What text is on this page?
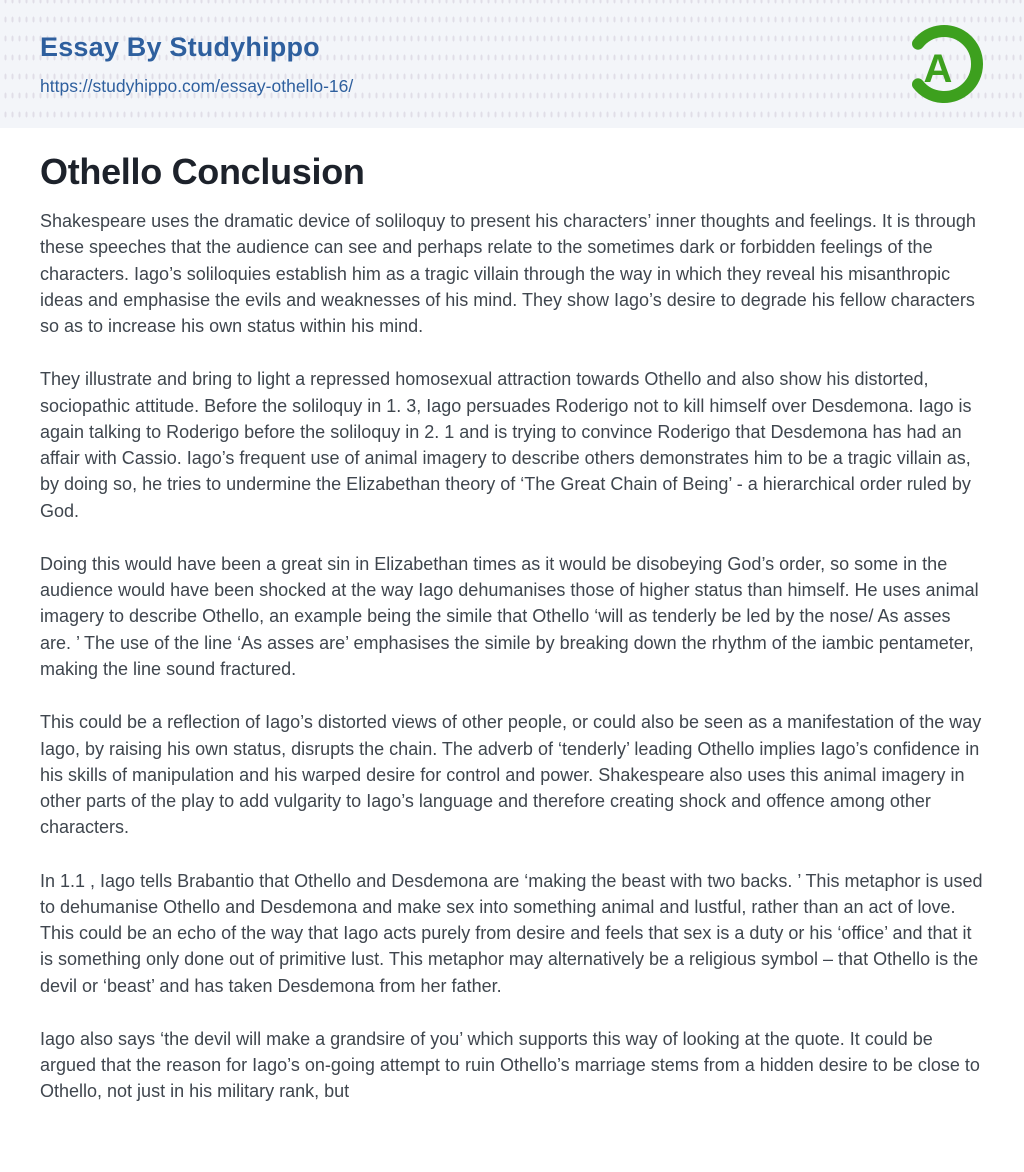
Essay By Studyhippo
https://studyhippo.com/essay-othello-16/	A
Othello Conclusion

Shakespeare uses the dramatic device of soliloquy to present his characters’ inner thoughts and feelings. It is through these speeches that the audience can see and perhaps relate to the sometimes dark or forbidden feelings of the characters. Iago’s soliloquies establish him as a tragic villain through the way in which they reveal his misanthropic ideas and emphasise the evils and weaknesses of his mind. They show Iago’s desire to degrade his fellow characters so as to increase his own status within his mind.

They illustrate and bring to light a repressed homosexual attraction towards Othello and also show his distorted, sociopathic attitude. Before the soliloquy in 1. 3, Iago persuades Roderigo not to kill himself over Desdemona. Iago is again talking to Roderigo before the soliloquy in 2. 1 and is trying to convince Roderigo that Desdemona has had an affair with Cassio. Iago’s frequent use of animal imagery to describe others demonstrates him to be a tragic villain as, by doing so, he tries to undermine the Elizabethan theory of ‘The Great Chain of Being’ - a hierarchical order ruled by God.

Doing this would have been a great sin in Elizabethan times as it would be disobeying God’s order, so some in the audience would have been shocked at the way Iago dehumanises those of higher status than himself. He uses animal imagery to describe Othello, an example being the simile that Othello ‘will as tenderly be led by the nose/ As asses are. ’ The use of the line ‘As asses are’ emphasises the simile by breaking down the rhythm of the iambic pentameter, making the line sound fractured.

This could be a reflection of Iago’s distorted views of other people, or could also be seen as a manifestation of the way Iago, by raising his own status, disrupts the chain. The adverb of ‘tenderly’ leading Othello implies Iago’s confidence in his skills of manipulation and his warped desire for control and power. Shakespeare also uses this animal imagery in other parts of the play to add vulgarity to Iago’s language and therefore creating shock and offence among other characters.

In 1.1 , Iago tells Brabantio that Othello and Desdemona are ‘making the beast with two backs. ’ This metaphor is used to dehumanise Othello and Desdemona and make sex into something animal and lustful, rather than an act of love. This could be an echo of the way that Iago acts purely from desire and feels that sex is a duty or his ‘office’ and that it is something only done out of primitive lust. This metaphor may alternatively be a religious symbol – that Othello is the devil or ‘beast’ and has taken Desdemona from her father.

Iago also says ‘the devil will make a grandsire of you’ which supports this way of looking at the quote. It could be argued that the reason for Iago’s on-going attempt to ruin Othello’s marriage stems from a hidden desire to be close to Othello, not just in his military rank, but
